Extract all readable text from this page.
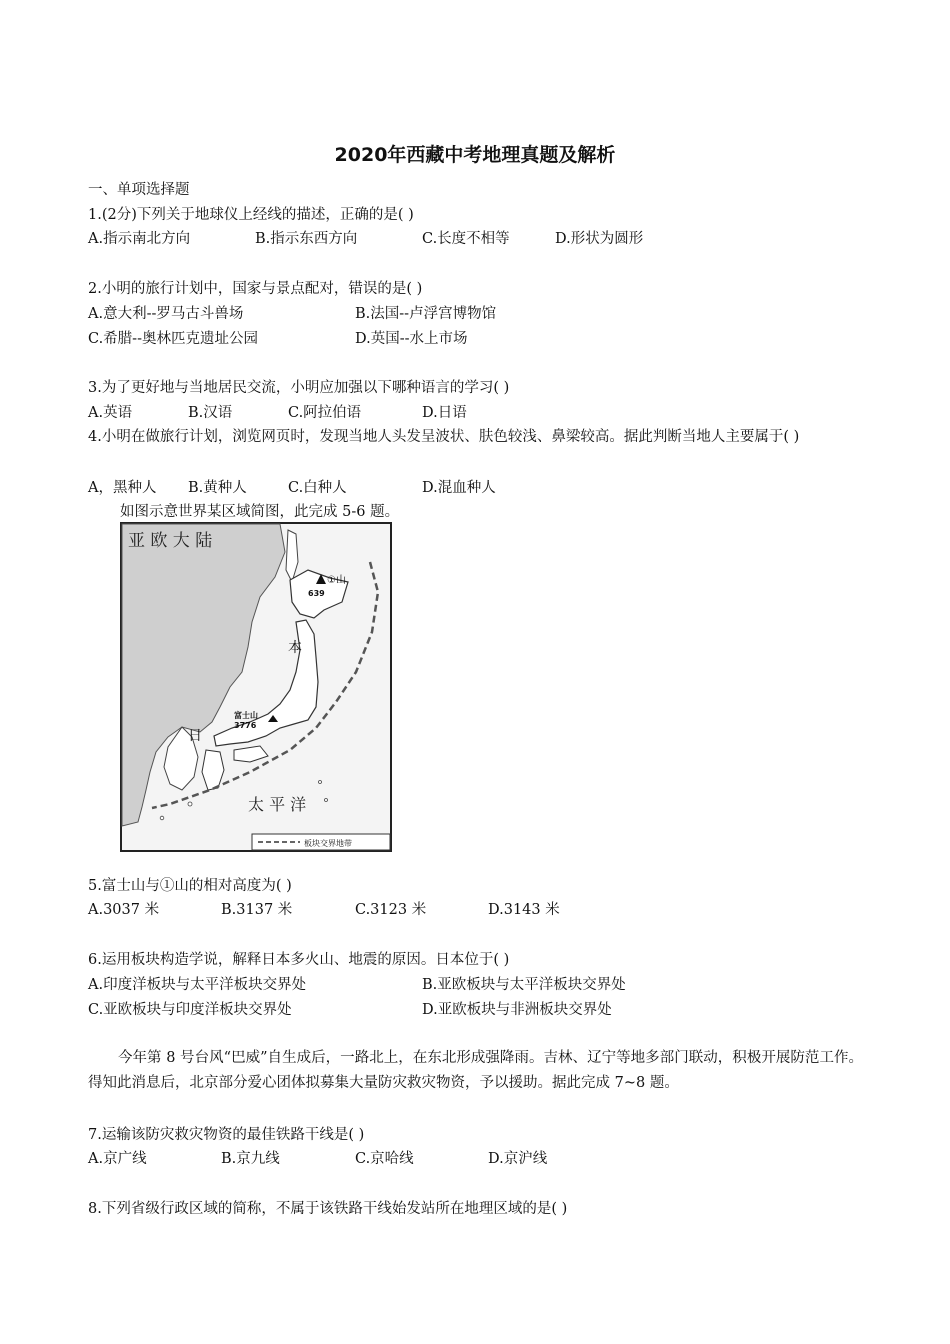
2020年西藏中考地理真题及解析
一、单项选择题
1.(2分)下列关于地球仪上经线的描述，正确的是( )
A.指示南北方向	B.指示东西方向	C.长度不相等	D.形状为圆形
2.小明的旅行计划中，国家与景点配对，错误的是( )
A.意大利--罗马古斗兽场	B.法国--卢浮宫博物馆
C.希腊--奥林匹克遗址公园	D.英国--水上市场
3.为了更好地与当地居民交流，小明应加强以下哪种语言的学习( )
A.英语	B.汉语	C.阿拉伯语	D.日语
4.小明在做旅行计划，浏览网页时，发现当地人头发呈波状、肤色较浅、鼻梁较高。据此判断当地人主要属于( )
A，黑种人 B.黄种人	C.白种人	D.混血种人
如图示意世界某区域简图，此完成 5-6 题。
亚 欧 大 陆
①山
639
本
富士山
3776
日
太 平 洋
板块交界地带
5.富士山与①山的相对高度为( )
A.3037 米	B.3137 米	C.3123 米	D.3143 米
6.运用板块构造学说，解释日本多火山、地震的原因。日本位于( )
A.印度洋板块与太平洋板块交界处	B.亚欧板块与太平洋板块交界处
C.亚欧板块与印度洋板块交界处	D.亚欧板块与非洲板块交界处
今年第 8 号台风“巴威”自生成后，一路北上，在东北形成强降雨。吉林、辽宁等地多部门联动，积极开展防范工作。得知此消息后，北京部分爱心团体拟募集大量防灾救灾物资，予以援助。据此完成 7~8 题。
7.运输该防灾救灾物资的最佳铁路干线是( )
A.京广线	B.京九线	C.京哈线	D.京沪线
8.下列省级行政区域的简称，不属于该铁路干线始发站所在地理区域的是( )
